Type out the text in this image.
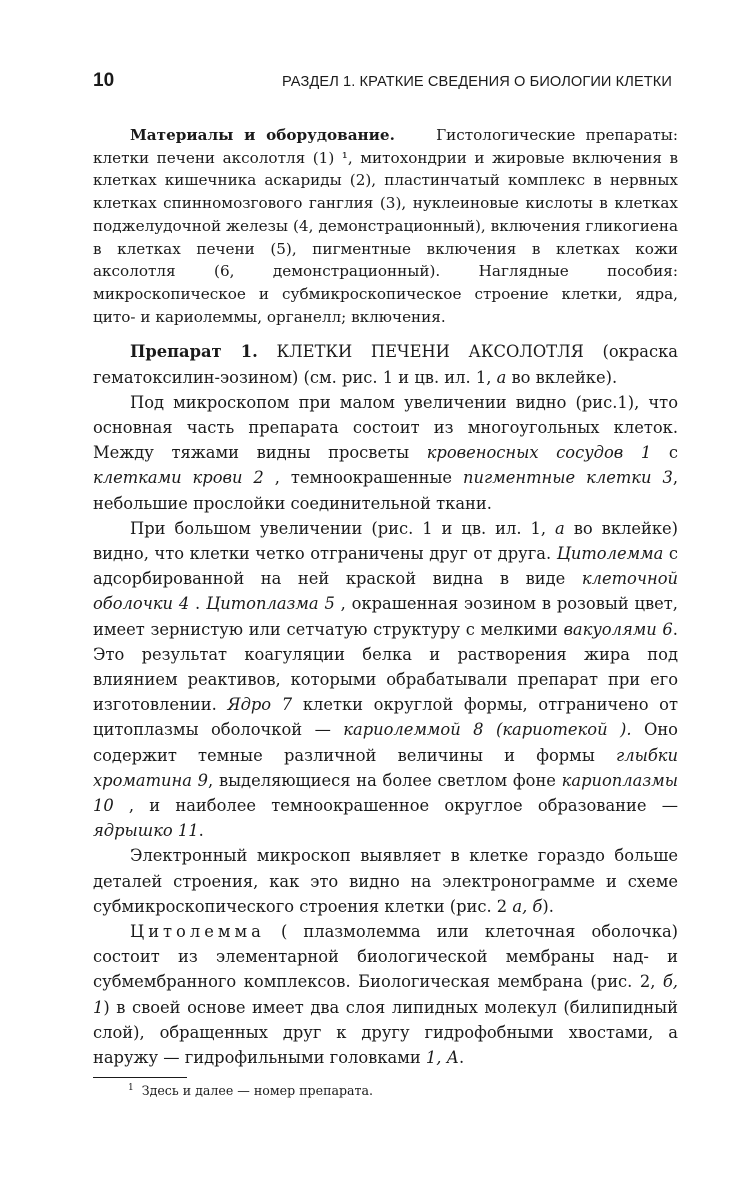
10	РАЗДЕЛ 1. КРАТКИЕ СВЕДЕНИЯ О БИОЛОГИИ КЛЕТКИ

Материалы и оборудование.	Гистологические препараты: клетки печени аксолотля (1) ¹, митохондрии и жировые включения в клетках кишечника аскариды (2), пластинчатый комплекс в нервных клетках спинномозгового ганглия (3), нуклеиновые кислоты в клетках поджелудочной железы (4, демонстрационный), включения гликогиена в клетках печени (5), пигментные включения в клетках кожи аксолотля (6, демонстрационный). Наглядные пособия: микроскопическое и субмикроскопическое строение клетки, ядра, цито- и кариолеммы, органелл; включения.

Препарат 1. КЛЕТКИ ПЕЧЕНИ АКСОЛОТЛЯ (окраска гематоксилин-эозином) (см. рис. 1 и цв. ил. 1, а во вклейке).

Под микроскопом при малом увеличении видно (рис.1), что основная часть препарата состоит из многоугольных клеток. Между тяжами видны просветы кровеносных сосудов 1 с клетками крови 2 , темноокрашенные пигментные клетки 3, небольшие прослойки соединительной ткани.

При большом увеличении (рис. 1 и цв. ил. 1, а во вклейке) видно, что клетки четко отграничены друг от друга. Цитолемма с адсорбированной на ней краской видна в виде клеточной оболочки 4 . Цитоплазма 5 , окрашенная эозином в розовый цвет, имеет зернистую или сетчатую структуру с мелкими вакуолями 6. Это результат коагуляции белка и растворения жира под влиянием реактивов, которыми обрабатывали препарат при его изготовлении. Ядро 7 клетки округлой формы, отграничено от цитоплазмы оболочкой — кариолеммой 8 (кариотекой ). Оно содержит темные различной величины и формы глыбки хроматина 9, выделяющиеся на более светлом фоне кариоплазмы 10 , и наиболее темноокрашенное округлое образование — ядрышко 11.

Электронный микроскоп выявляет в клетке гораздо больше деталей строения, как это видно на электронограмме и схеме субмикроскопического строения клетки (рис. 2 а, б).

Цитолемма ( плазмолемма или клеточная оболочка) состоит из элементарной биологической мембраны над- и субмембранного комплексов. Биологическая мембрана (рис. 2, б, 1) в своей основе имеет два слоя липидных молекул (билипидный слой), обращенных друг к другу гидрофобными хвостами, а наружу — гидрофильными головками 1, А.

$^1$ Здесь и далее — номер препарата.
